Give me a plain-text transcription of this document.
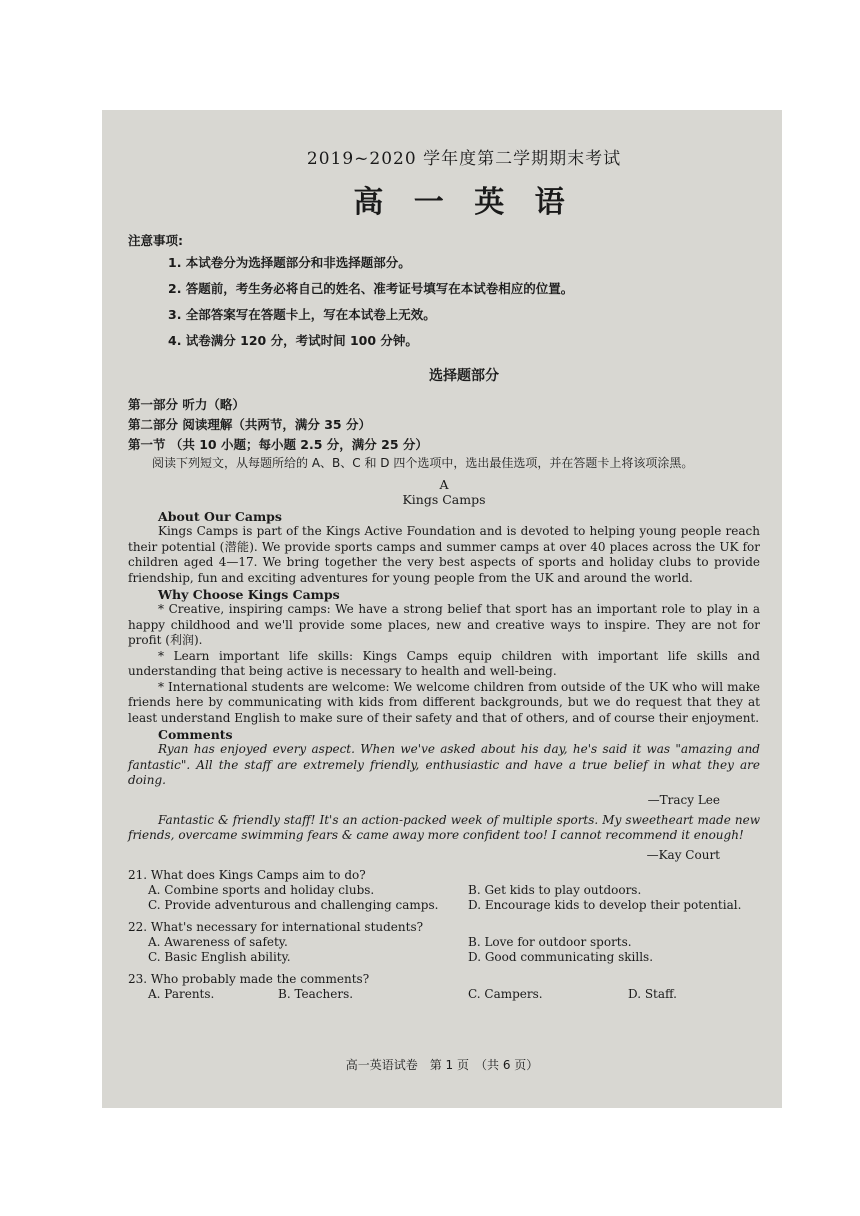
2019~2020 学年度第二学期期末考试
高 一 英 语
注意事项:
1. 本试卷分为选择题部分和非选择题部分。
2. 答题前，考生务必将自己的姓名、准考证号填写在本试卷相应的位置。
3. 全部答案写在答题卡上，写在本试卷上无效。
4. 试卷满分 120 分，考试时间 100 分钟。
选择题部分
第一部分 听力（略）
第二部分 阅读理解（共两节，满分 35 分）
第一节 （共 10 小题；每小题 2.5 分，满分 25 分）

阅读下列短文，从每题所给的 A、B、C 和 D 四个选项中，选出最佳选项，并在答题卡上将该项涂黑。

A
Kings Camps
About Our Camps

Kings Camps is part of the Kings Active Foundation and is devoted to helping young people reach their potential (潜能). We provide sports camps and summer camps at over 40 places across the UK for children aged 4—17. We bring together the very best aspects of sports and holiday clubs to provide friendship, fun and exciting adventures for young people from the UK and around the world.

Why Choose Kings Camps

* Creative, inspiring camps: We have a strong belief that sport has an important role to play in a happy childhood and we'll provide some places, new and creative ways to inspire. They are not for profit (利润).

* Learn important life skills: Kings Camps equip children with important life skills and understanding that being active is necessary to health and well-being.

* International students are welcome: We welcome children from outside of the UK who will make friends here by communicating with kids from different backgrounds, but we do request that they at least understand English to make sure of their safety and that of others, and of course their enjoyment.

Comments

Ryan has enjoyed every aspect. When we've asked about his day, he's said it was "amazing and fantastic". All the staff are extremely friendly, enthusiastic and have a true belief in what they are doing.

—Tracy Lee

Fantastic & friendly staff! It's an action-packed week of multiple sports. My sweetheart made new friends, overcame swimming fears & came away more confident too! I cannot recommend it enough!

—Kay Court
21. What does Kings Camps aim to do?
A. Combine sports and holiday clubs.	B. Get kids to play outdoors.
C. Provide adventurous and challenging camps.	D. Encourage kids to develop their potential.
22. What's necessary for international students?
A. Awareness of safety.	B. Love for outdoor sports.
C. Basic English ability.	D. Good communicating skills.
23. Who probably made the comments?
A. Parents.	B. Teachers.	C. Campers.	D. Staff.
高一英语试卷　第 1 页　（共 6 页）
